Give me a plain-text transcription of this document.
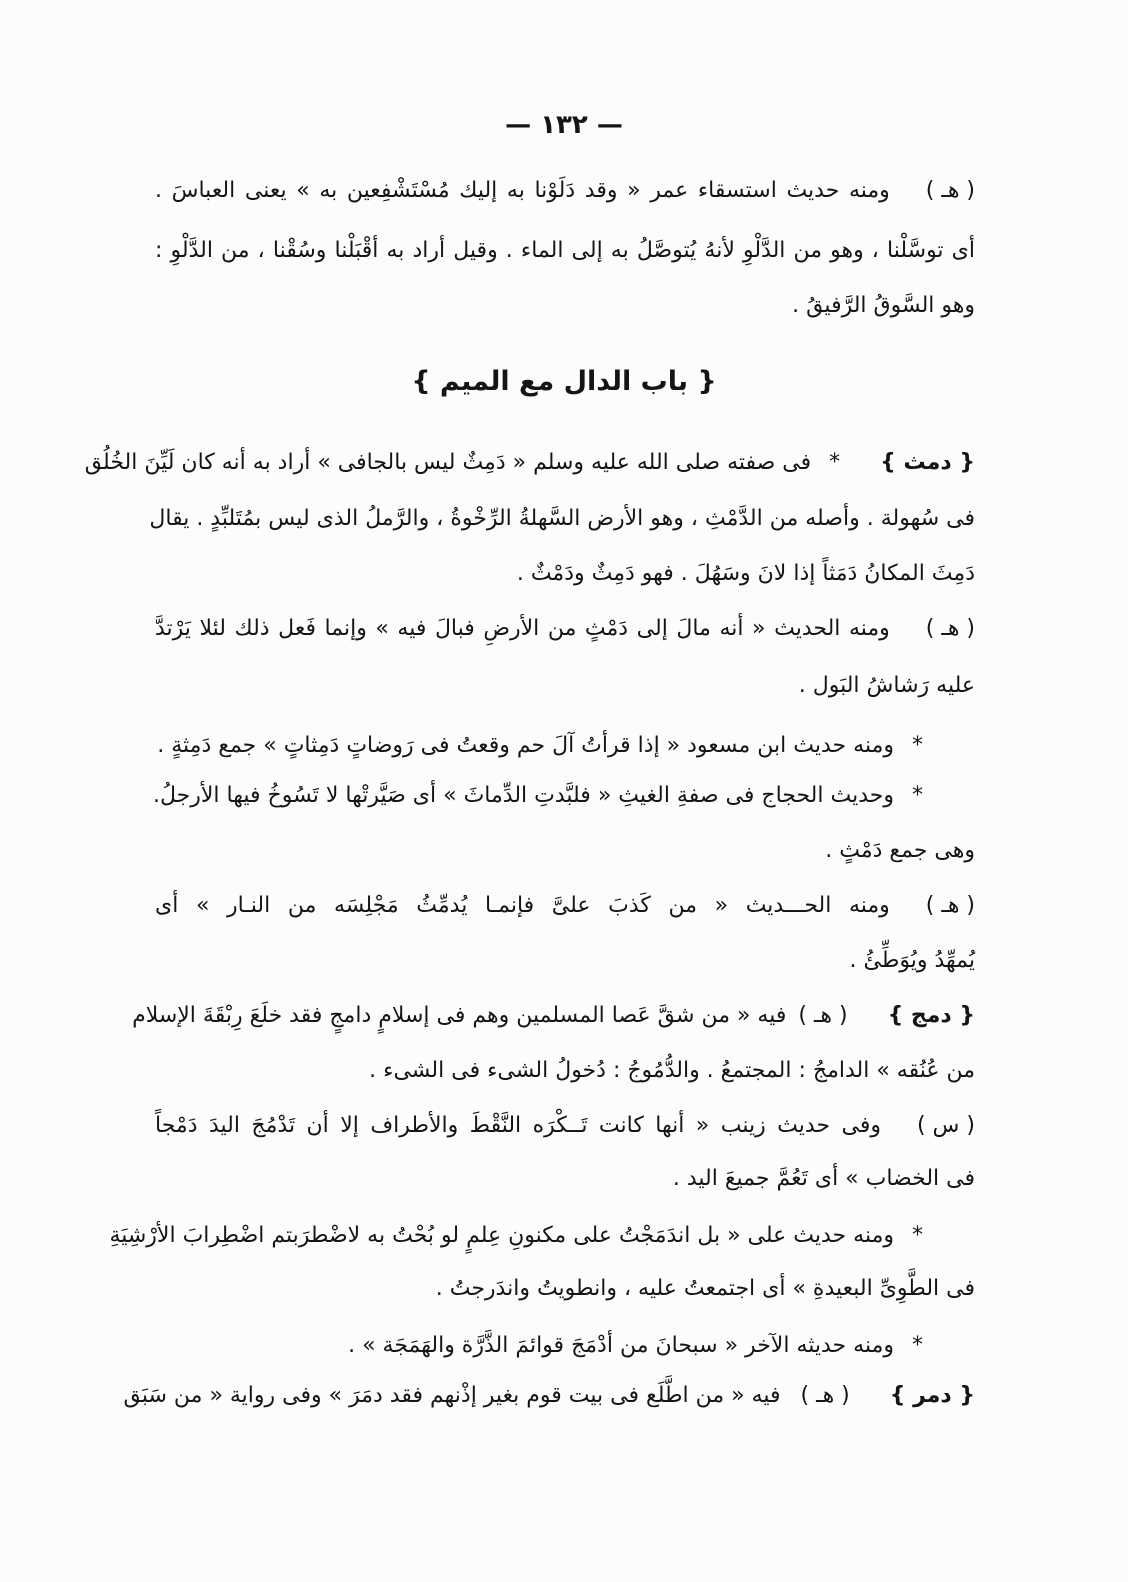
— ١٣٢ —
( هـ )
ومنه حديث استسقاء عمر « وقد دَلَوْنا به إليك مُسْتَشْفِعين به » يعنى العباسَ .
أى توسَّلْنا ، وهو من الدَّلْوِ لأنهُ يُتوصَّلُ به إلى الماء . وقيل أراد به أقْبَلْنا وسُقْنا ، من الدَّلْوِ :
وهو السَّوقُ الرَّفيقُ .
{ باب الدال مع الميم }
{ دمث }
*
فى صفته صلى الله عليه وسلم « دَمِثٌ ليس بالجافى » أراد به أنه كان لَيِّنَ الخُلُق
فى سُهولة . وأصله من الدَّمْثِ ، وهو الأرض السَّهلةُ الرِّخْوةُ ، والرَّملُ الذى ليس بمُتَلبِّدٍ . يقال
دَمِثَ المكانُ دَمَثاً إذا لانَ وسَهُلَ . فهو دَمِثٌ ودَمْثٌ .
( هـ )
ومنه الحديث « أنه مالَ إلى دَمْثٍ من الأرضِ فبالَ فيه » وإنما فَعل ذلك لئلا يَرْتدَّ
عليه رَشاشُ البَول .
*
ومنه حديث ابن مسعود « إذا قرأتُ آلَ حم وقعتُ فى رَوضاتٍ دَمِثاتٍ » جمع دَمِثةٍ .
*
وحديث الحجاج فى صفةِ الغيثِ « فلبَّدتِ الدِّماثَ » أى صَيَّرتْها لا تَسُوخُ فيها الأرجلُ.
وهى جمع دَمْثٍ .
( هـ )
ومنه الحـــديث « من كَذبَ علىَّ فإنمـا يُدمِّثُ مَجْلِسَه من النـار » أى
يُمهِّدُ ويُوَطِّئُ .
{ دمج }
( هـ )
فيه « من شقَّ عَصا المسلمين وهم فى إسلامٍ دامجٍ فقد خلَعَ رِبْقَةَ الإسلام
من عُنُقه » الدامجُ : المجتمعُ . والدُّمُوجُ : دُخولُ الشىء فى الشىء .
( س )
وفى حديث زينب « أنها كانت تَــكْرَه النَّقْطَ والأطراف إلا أن تَدْمُجَ اليدَ دَمْجاً
فى الخضاب » أى تَعُمَّ جميعَ اليد .
*
ومنه حديث على « بل اندَمَجْتُ على مكنونِ عِلمٍ لو بُحْتُ به لاضْطرَبتم اضْطِرابَ الأرْشِيَةِ
فى الطَّوِىِّ البعيدةِ » أى اجتمعتُ عليه ، وانطويتُ واندَرجتُ .
*
ومنه حديثه الآخر « سبحانَ من أدْمَجَ قوائمَ الذَّرَّة والهَمَجَة » .
{ دمر }
( هـ )
فيه « من اطَّلَع فى بيت قوم بغير إذْنهم فقد دمَرَ » وفى رواية « من سَبَق
